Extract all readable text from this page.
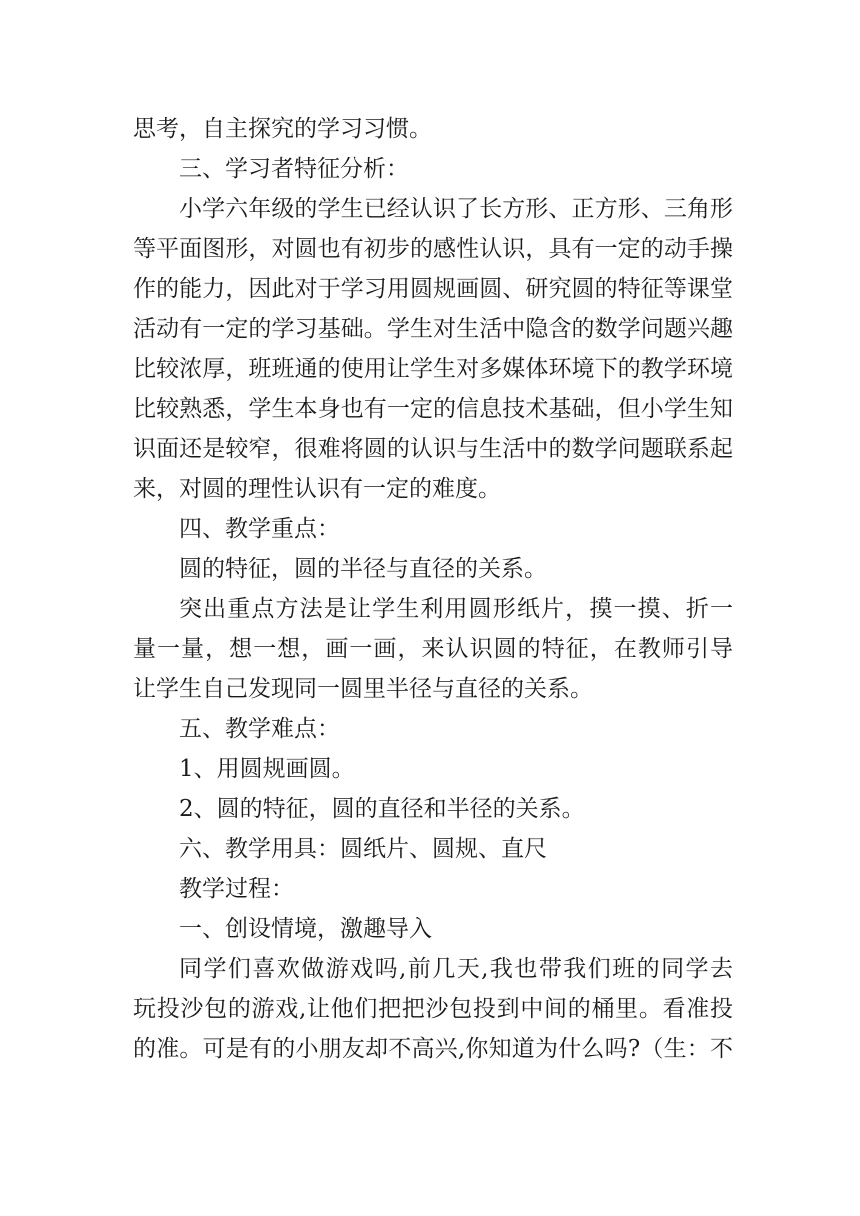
思考，自主探究的学习习惯。
三、学习者特征分析：
小学六年级的学生已经认识了长方形、正方形、三角形
等平面图形，对圆也有初步的感性认识，具有一定的动手操
作的能力，因此对于学习用圆规画圆、研究圆的特征等课堂
活动有一定的学习基础。学生对生活中隐含的数学问题兴趣
比较浓厚，班班通的使用让学生对多媒体环境下的教学环境
比较熟悉，学生本身也有一定的信息技术基础，但小学生知
识面还是较窄，很难将圆的认识与生活中的数学问题联系起
来，对圆的理性认识有一定的难度。
四、教学重点：
圆的特征，圆的半径与直径的关系。
突出重点方法是让学生利用圆形纸片，摸一摸、折一
量一量，想一想，画一画，来认识圆的特征，在教师引导
让学生自己发现同一圆里半径与直径的关系。
五、教学难点：
1、用圆规画圆。
2、圆的特征，圆的直径和半径的关系。
六、教学用具：圆纸片、圆规、直尺
教学过程：
一、创设情境，激趣导入
同学们喜欢做游戏吗,前几天,我也带我们班的同学去
玩投沙包的游戏,让他们把把沙包投到中间的桶里。看准投
的准。可是有的小朋友却不高兴,你知道为什么吗?（生：不
